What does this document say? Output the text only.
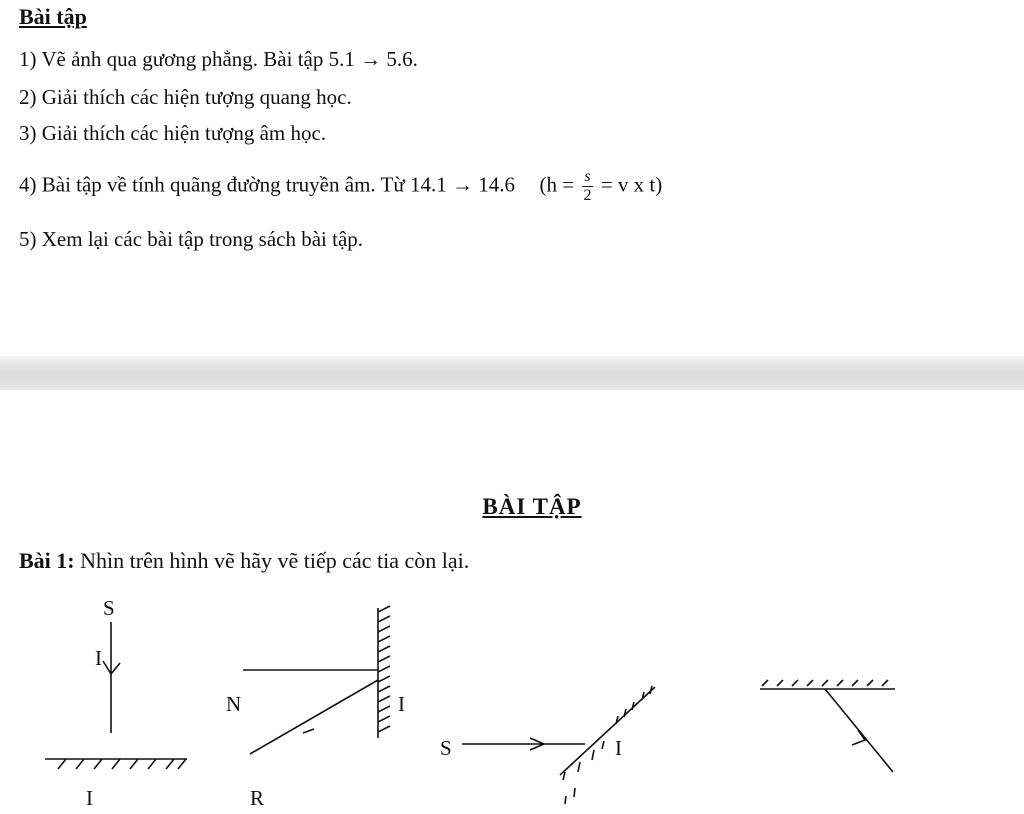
Bài tập
1) Vẽ ảnh qua gương phẳng. Bài tập 5.1 → 5.6.
2) Giải thích các hiện tượng quang học.
3) Giải thích các hiện tượng âm học.
4) Bài tập về tính quãng đường truyền âm. Từ 14.1 → 14.6 ($h = \frac{s}{2} = v$ x t)
5) Xem lại các bài tập trong sách bài tập.
BÀI TẬP
Bài 1: Nhìn trên hình vẽ hãy vẽ tiếp các tia còn lại.
S
I
I
N	I
R
S	I
